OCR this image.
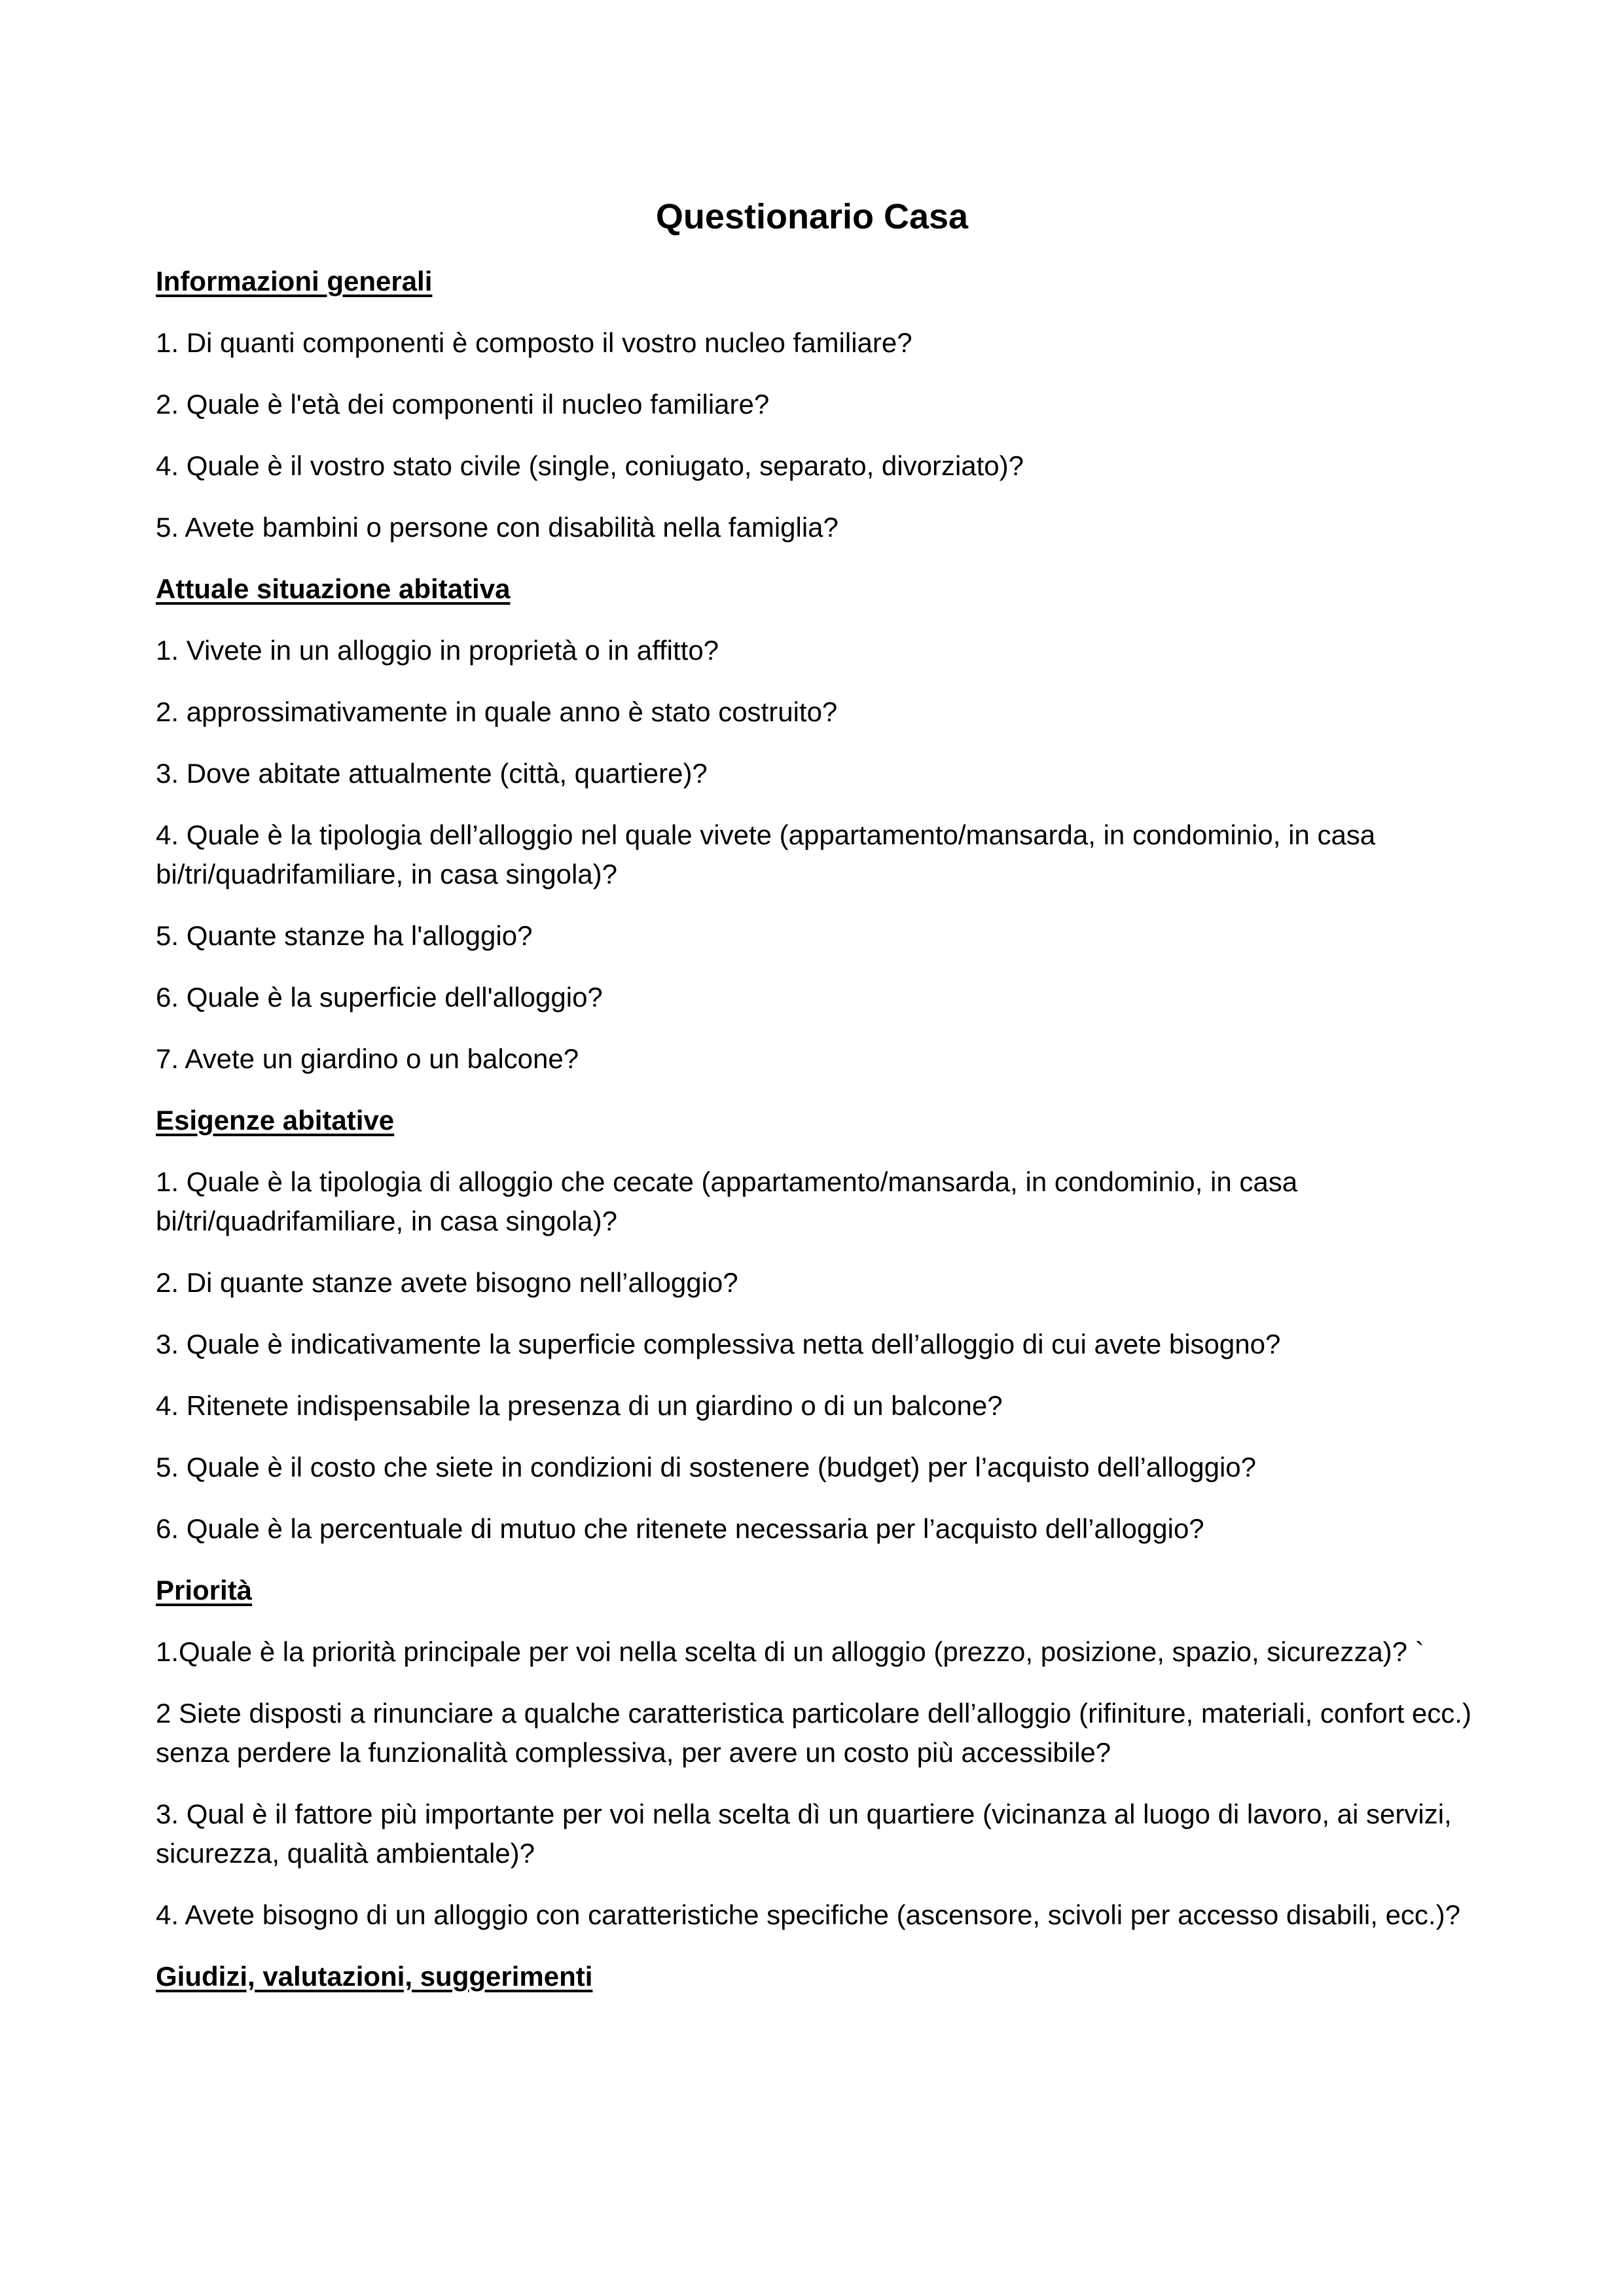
Questionario Casa
Informazioni generali
1. Di quanti componenti è composto il vostro nucleo familiare?
2. Quale è l'età dei componenti il nucleo familiare?
4. Quale è il vostro stato civile (single, coniugato, separato, divorziato)?
5. Avete bambini o persone con disabilità nella famiglia?
Attuale situazione abitativa
1. Vivete in un alloggio in proprietà o in affitto?
2. approssimativamente in quale anno è stato costruito?
3. Dove abitate attualmente (città, quartiere)?
4. Quale è la tipologia dell’alloggio nel quale vivete (appartamento/mansarda, in condominio, in casa bi/tri/quadrifamiliare, in casa singola)?
5. Quante stanze ha l'alloggio?
6. Quale è la superficie dell'alloggio?
7. Avete un giardino o un balcone?
Esigenze abitative
1. Quale è la tipologia di alloggio che cecate (appartamento/mansarda, in condominio, in casa bi/tri/quadrifamiliare, in casa singola)?
2. Di quante stanze avete bisogno nell’alloggio?
3. Quale è indicativamente la superficie complessiva netta dell’alloggio di cui avete bisogno?
4. Ritenete indispensabile la presenza di un giardino o di un balcone?
5. Quale è il costo che siete in condizioni di sostenere (budget) per l’acquisto dell’alloggio?
6. Quale è la percentuale di mutuo che ritenete necessaria per l’acquisto dell’alloggio?
Priorità
1.Quale è la priorità principale per voi nella scelta di un alloggio (prezzo, posizione, spazio, sicurezza)? `
2 Siete disposti a rinunciare a qualche caratteristica particolare dell’alloggio (rifiniture, materiali, confort ecc.) senza perdere la funzionalità complessiva, per avere un costo più accessibile?
3. Qual è il fattore più importante per voi nella scelta dì un quartiere (vicinanza al luogo di lavoro, ai servizi, sicurezza, qualità ambientale)?
4. Avete bisogno di un alloggio con caratteristiche specifiche (ascensore, scivoli per accesso disabili, ecc.)?
Giudizi, valutazioni, suggerimenti
